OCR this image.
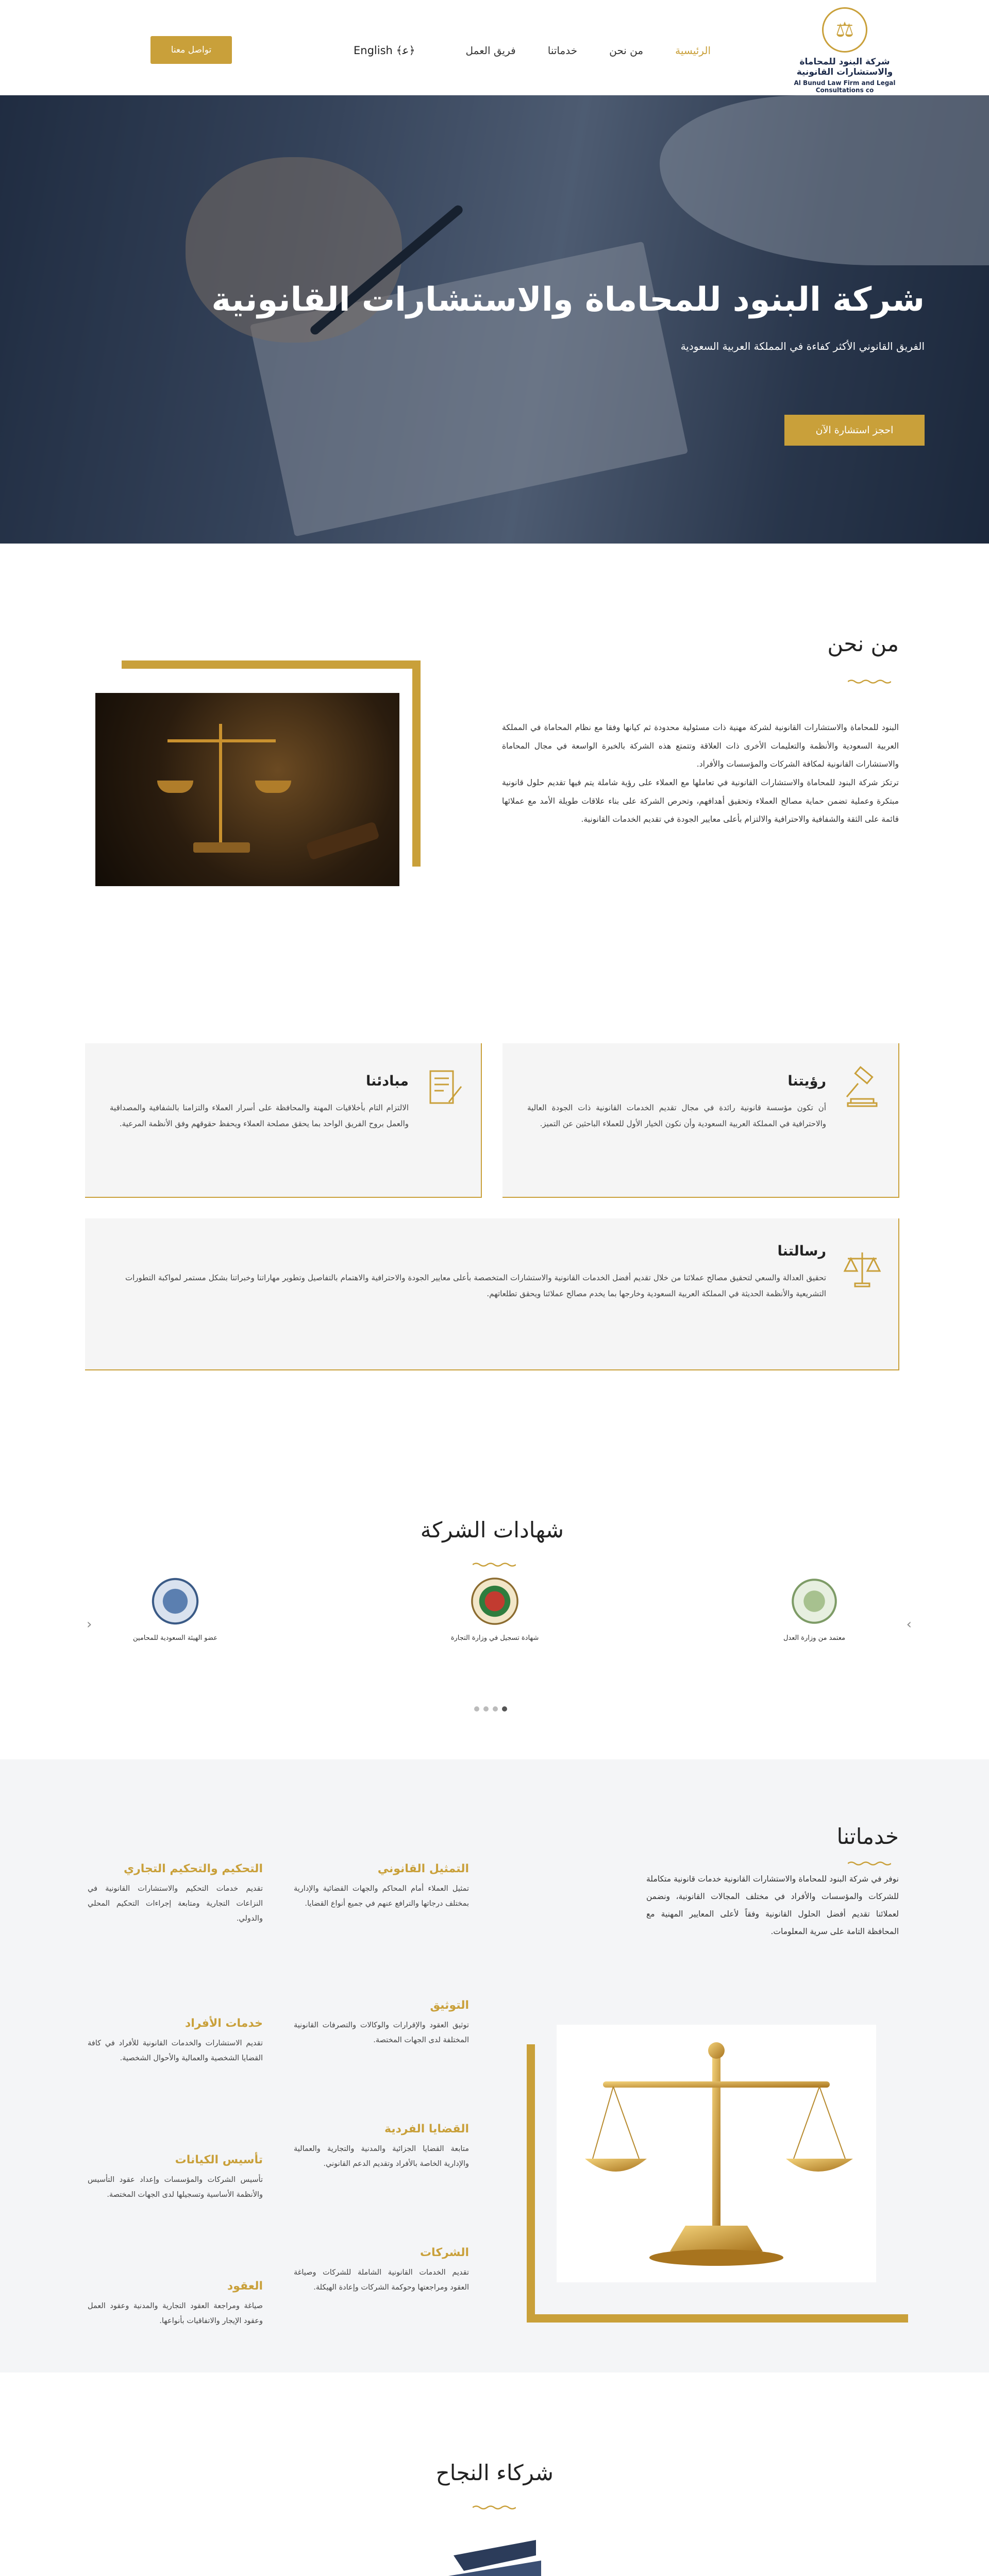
⚖
شركة البنود للمحاماة والاستشارات القانونية
Al Bunud Law Firm and Legal Consultations co
الرئيسية
من نحن
خدماتنا
فريق العمل
English ﴾ﻋ﴿
تواصل معنا
شركة البنود للمحاماة والاستشارات القانونية

الفريق القانوني الأكثر كفاءة في المملكة العربية السعودية

احجز استشارة الآن
من نحن

البنود للمحاماة والاستشارات القانونية لشركة مهنية ذات مسئولية محدودة ثم كيانها وفقا مع نظام المحاماة في المملكة العربية السعودية والأنظمة والتعليمات الأخرى ذات العلاقة وتتمتع هذه الشركة بالخبرة الواسعة في مجال المحاماة والاستشارات القانونية لمكافة الشركات والمؤسسات والأفراد.

ترتكز شركة البنود للمحاماة والاستشارات القانونية في تعاملها مع العملاء على رؤية شاملة يتم فيها تقديم حلول قانونية مبتكرة وعملية تضمن حماية مصالح العملاء وتحقيق أهدافهم، وتحرص الشركة على بناء علاقات طويلة الأمد مع عملائها قائمة على الثقة والشفافية والاحترافية والالتزام بأعلى معايير الجودة في تقديم الخدمات القانونية.

رؤيتنا

أن تكون مؤسسة قانونية رائدة في مجال تقديم الخدمات القانونية ذات الجودة العالية والاحترافية في المملكة العربية السعودية وأن نكون الخيار الأول للعملاء الباحثين عن التميز.

مبادئنا

الالتزام التام بأخلاقيات المهنة والمحافظة على أسرار العملاء والتزامنا بالشفافية والمصداقية والعمل بروح الفريق الواحد بما يحقق مصلحة العملاء ويحفظ حقوقهم وفق الأنظمة المرعية.

رسالتنا

تحقيق العدالة والسعي لتحقيق مصالح عملائنا من خلال تقديم أفضل الخدمات القانونية والاستشارات المتخصصة بأعلى معايير الجودة والاحترافية والاهتمام بالتفاصيل وتطوير مهاراتنا وخبراتنا بشكل مستمر لمواكبة التطورات التشريعية والأنظمة الحديثة في المملكة العربية السعودية وخارجها بما يخدم مصالح عملائنا ويحقق تطلعاتهم.

شهادات الشركة
›
‹
عضو الهيئة السعودية للمحامين	شهادة تسجيل في وزارة التجارة	معتمد من وزارة العدل
خدماتنا
نوفر في شركة البنود للمحاماة والاستشارات القانونية خدمات قانونية متكاملة للشركات والمؤسسات والأفراد في مختلف المجالات القانونية، ونضمن لعملائنا تقديم أفضل الحلول القانونية وفقاً لأعلى المعايير المهنية مع المحافظة التامة على سرية المعلومات.
التمثيل القانوني

تمثيل العملاء أمام المحاكم والجهات القضائية والإدارية بمختلف درجاتها والترافع عنهم في جميع أنواع القضايا.

التحكيم والتحكيم التجاري

تقديم خدمات التحكيم والاستشارات القانونية في النزاعات التجارية ومتابعة إجراءات التحكيم المحلي والدولي.

التوثيق

توثيق العقود والإقرارات والوكالات والتصرفات القانونية المختلفة لدى الجهات المختصة.

خدمات الأفراد

تقديم الاستشارات والخدمات القانونية للأفراد في كافة القضايا الشخصية والعمالية والأحوال الشخصية.

القضايا الفردية

متابعة القضايا الجزائية والمدنية والتجارية والعمالية والإدارية الخاصة بالأفراد وتقديم الدعم القانوني.

تأسيس الكيانات

تأسيس الشركات والمؤسسات وإعداد عقود التأسيس والأنظمة الأساسية وتسجيلها لدى الجهات المختصة.

الشركات

تقديم الخدمات القانونية الشاملة للشركات وصياغة العقود ومراجعتها وحوكمة الشركات وإعادة الهيكلة.

العقود

صياغة ومراجعة العقود التجارية والمدنية وعقود العمل وعقود الإيجار والاتفاقيات بأنواعها.

شركاء النجاح
